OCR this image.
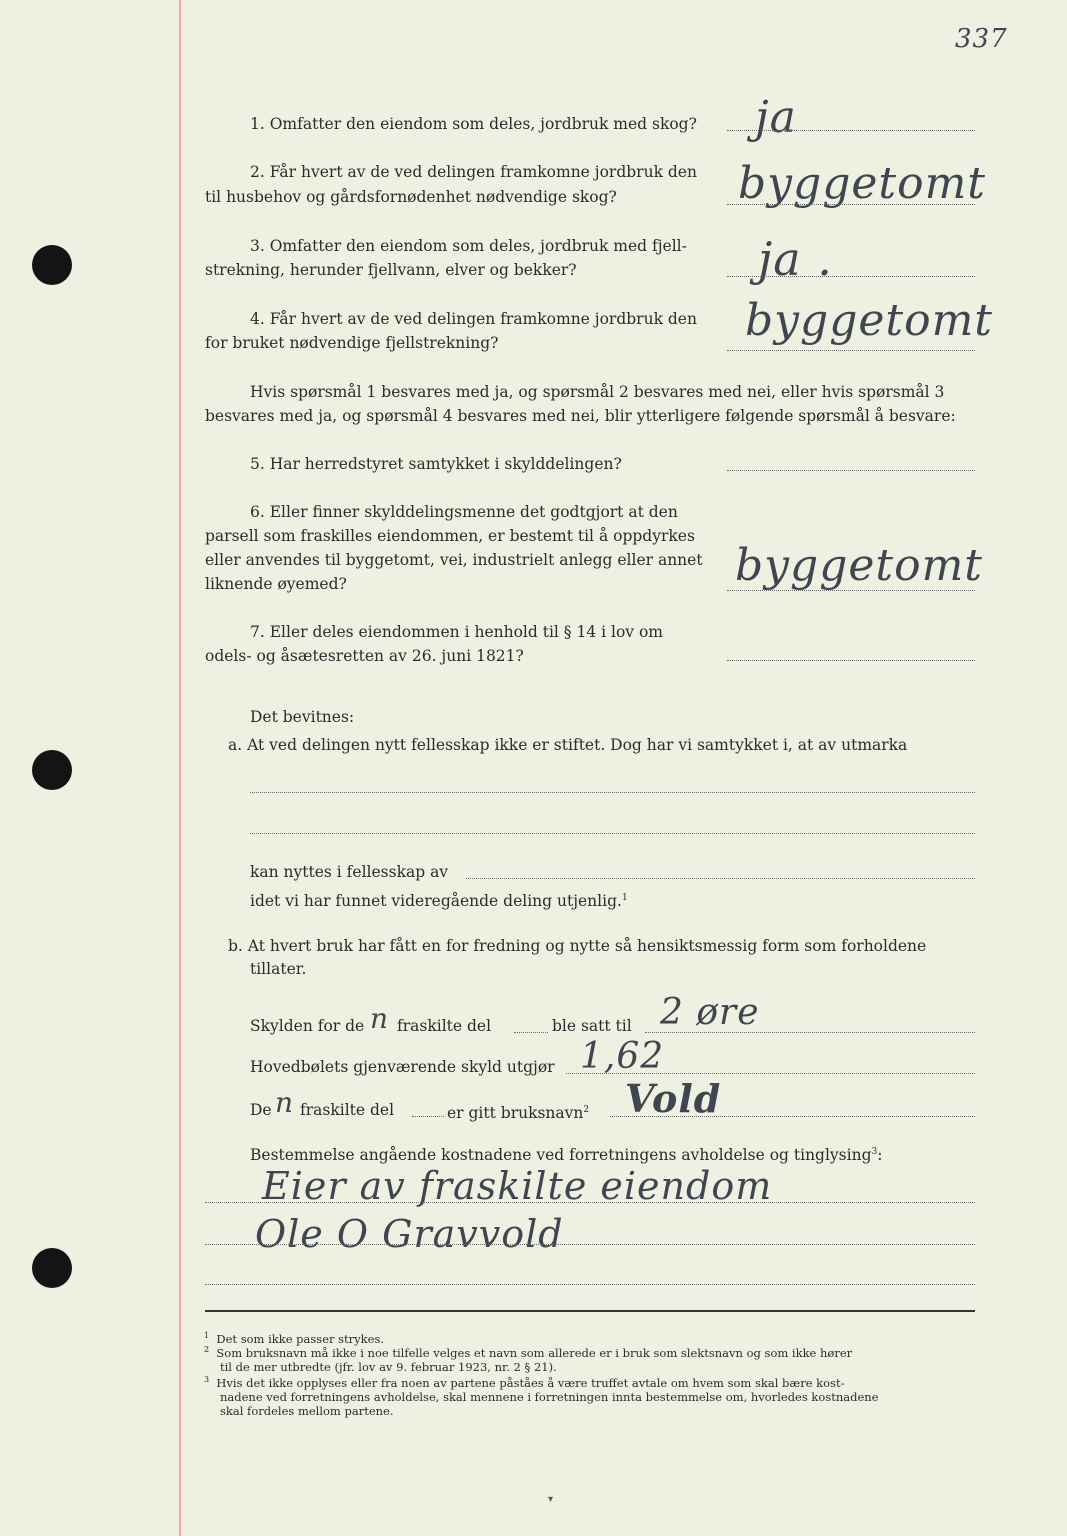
337
1. Omfatter den eiendom som deles, jordbruk med skog? ja
2. Får hvert av de ved delingen framkomne jordbruk den
til husbehov og gårdsfornødenhet nødvendige skog?	byggetomt
3. Omfatter den eiendom som deles, jordbruk med fjell-
strekning, herunder fjellvann, elver og bekker?	ja .
4. Får hvert av de ved delingen framkomne jordbruk den
for bruket nødvendige fjellstrekning?	byggetomt
Hvis spørsmål 1 besvares med ja, og spørsmål 2 besvares med nei, eller hvis spørsmål 3
besvares med ja, og spørsmål 4 besvares med nei, blir ytterligere følgende spørsmål å besvare:
5. Har herredstyret samtykket i skylddelingen?
6. Eller finner skylddelingsmenne det godtgjort at den
parsell som fraskilles eiendommen, er bestemt til å oppdyrkes
eller anvendes til byggetomt, vei, industrielt anlegg eller annet
liknende øyemed?	byggetomt
7. Eller deles eiendommen i henhold til § 14 i lov om
odels- og åsætesretten av 26. juni 1821?
Det bevitnes:
a. At ved delingen nytt fellesskap ikke er stiftet. Dog har vi samtykket i, at av utmarka
kan nyttes i fellesskap av
idet vi har funnet videregående deling utjenlig.$^1$
b. At hvert bruk har fått en for fredning og nytte så hensiktsmessig form som forholdene
tillater.
Skylden for de n fraskilte del	ble satt til 2 øre
Hovedbølets gjenværende skyld utgjør 1,62
De n fraskilte del	er gitt bruksnavn$^2$ Vold
Bestemmelse angående kostnadene ved forretningens avholdelse og tinglysing$^3$:
Eier av fraskilte eiendom
Ole O Gravvold
$^1$ Det som ikke passer strykes.
$^2$ Som bruksnavn må ikke i noe tilfelle velges et navn som allerede er i bruk som slektsnavn og som ikke hører
til de mer utbredte (jfr. lov av 9. februar 1923, nr. 2 § 21).
$^3$ Hvis det ikke opplyses eller fra noen av partene påståes å være truffet avtale om hvem som skal bære kost-
nadene ved forretningens avholdelse, skal mennene i forretningen inntа bestemmelse om, hvorledes kostnadene
skal fordeles mellom partene.
▾
